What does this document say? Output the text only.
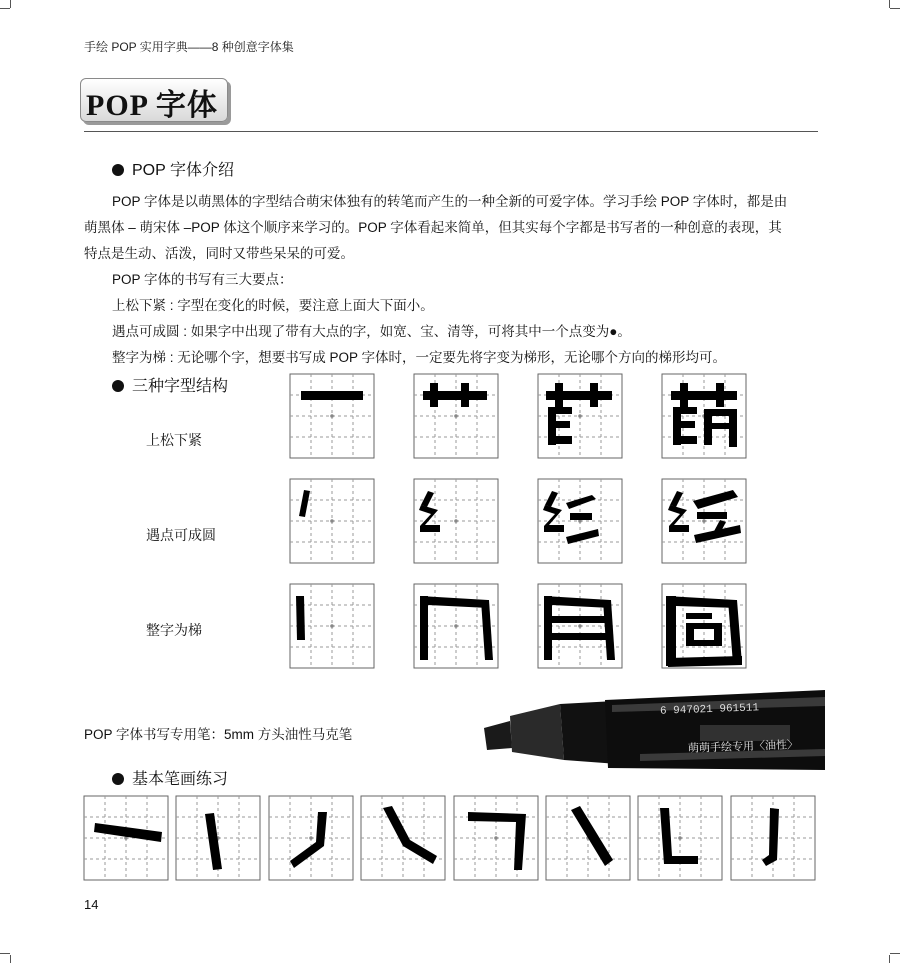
手绘 POP 实用字典——8 种创意字体集
POP 字体
POP 字体介绍
POP 字体是以萌黑体的字型结合萌宋体独有的转笔而产生的一种全新的可爱字体。学习手绘 POP 字体时，都是由
萌黑体 – 萌宋体 –POP 体这个顺序来学习的。POP 字体看起来简单，但其实每个字都是书写者的一种创意的表现，其
特点是生动、活泼，同时又带些呆呆的可爱。
POP 字体的书写有三大要点：
上松下紧 : 字型在变化的时候，要注意上面大下面小。
遇点可成圆 : 如果字中出现了带有大点的字，如宽、宝、清等，可将其中一个点变为●。
整字为梯 : 无论哪个字，想要书写成 POP 字体时，一定要先将字变为梯形，无论哪个方向的梯形均可。
三种字型结构
上松下紧
遇点可成圆
整字为梯
POP 字体书写专用笔：5mm 方头油性马克笔
基本笔画练习
14
6 947021 961511
萌萌手绘专用〈油性〉
